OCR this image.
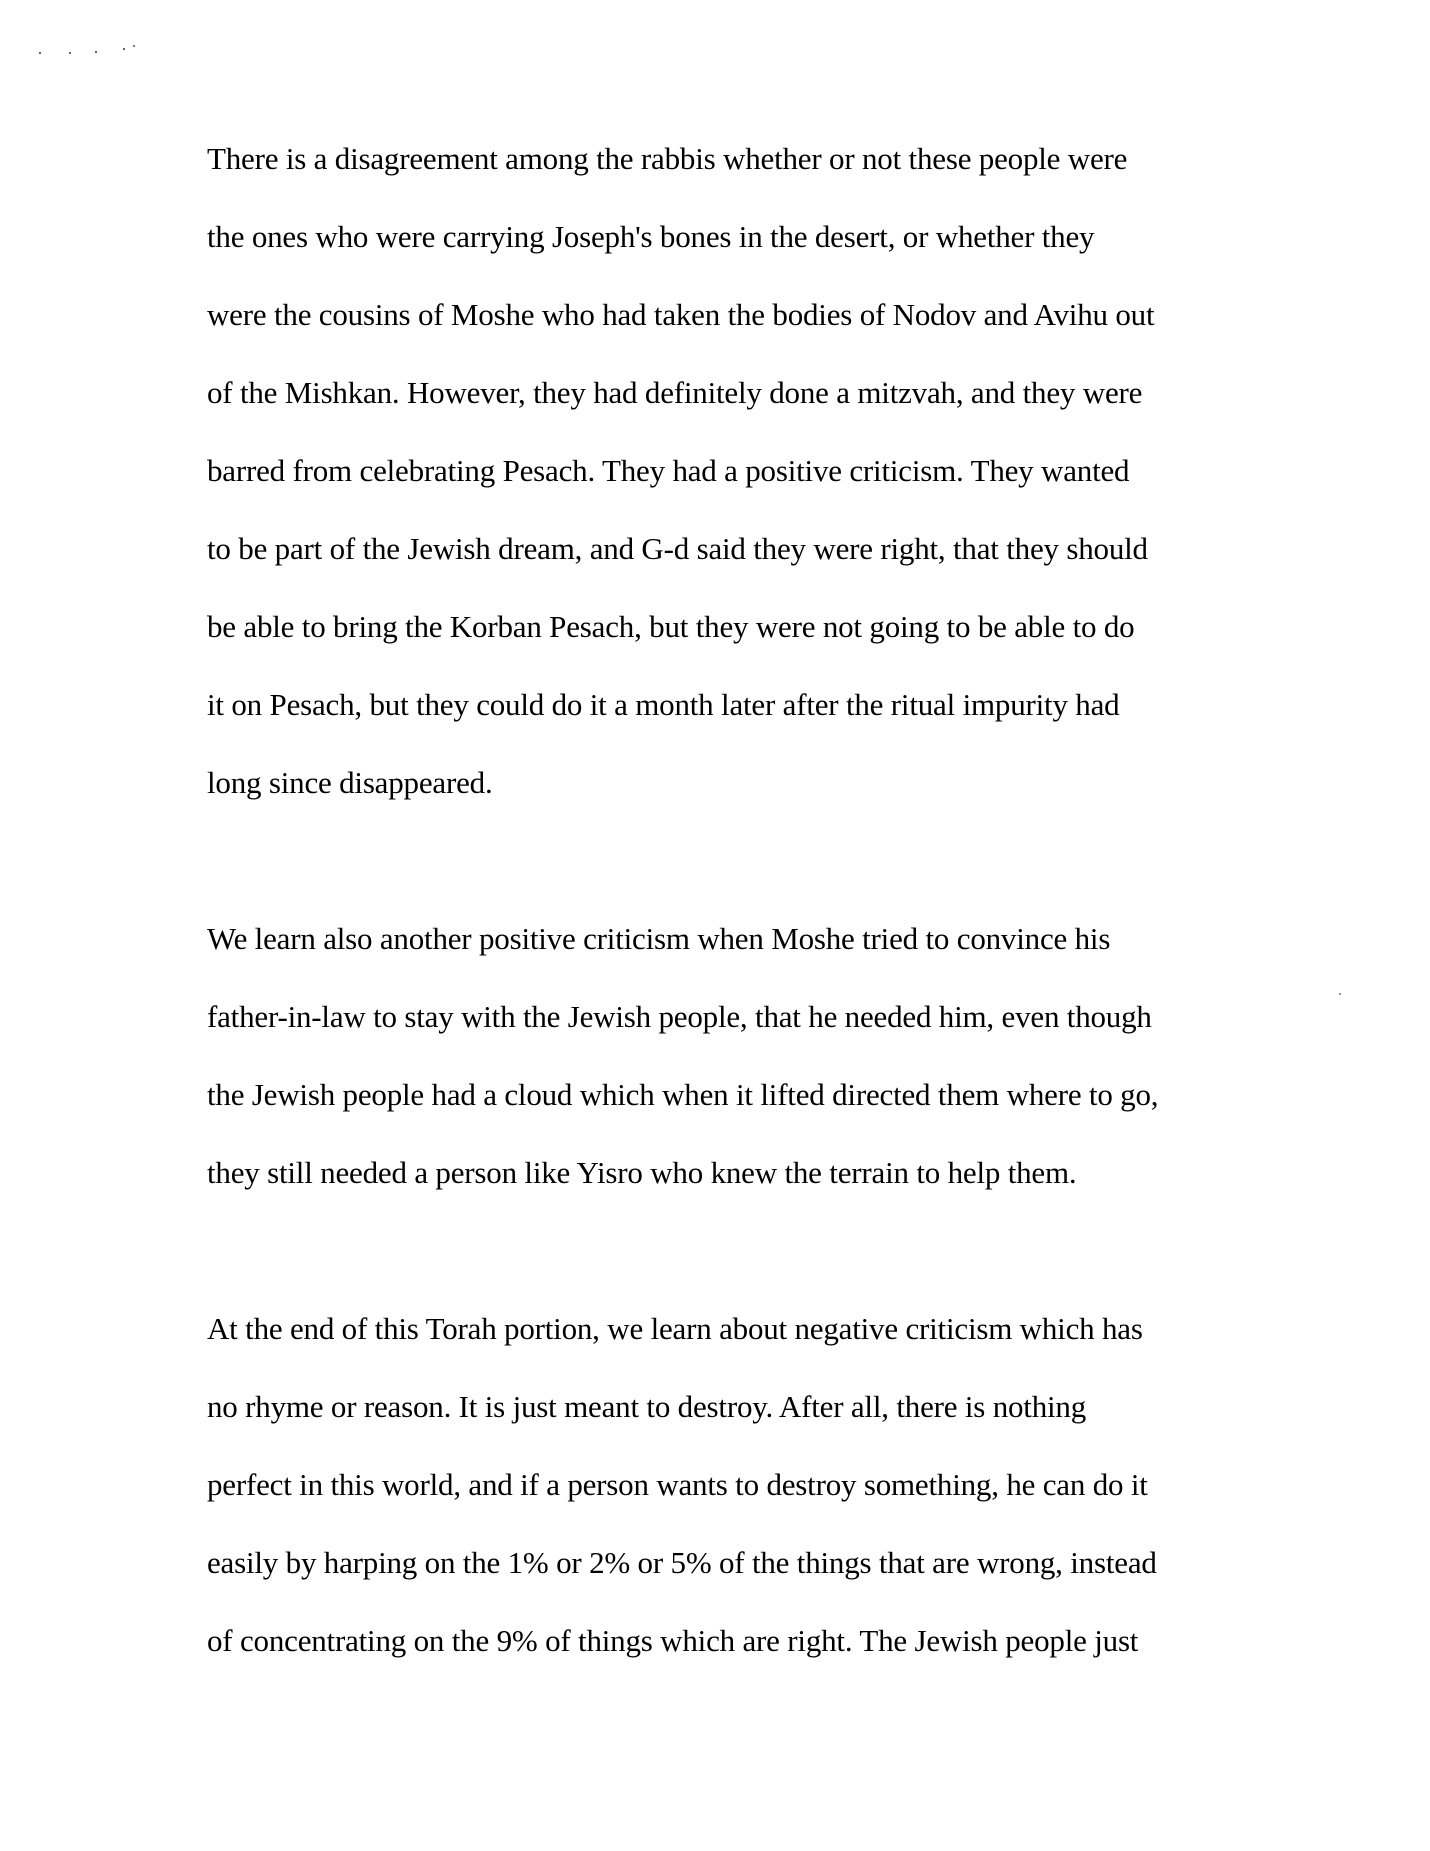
There is a disagreement among the rabbis whether or not these people were
the ones who were carrying Joseph's bones in the desert, or whether they
were the cousins of Moshe who had taken the bodies of Nodov and Avihu out
of the Mishkan. However, they had definitely done a mitzvah, and they were
barred from celebrating Pesach. They had a positive criticism. They wanted
to be part of the Jewish dream, and G-d said they were right, that they should
be able to bring the Korban Pesach, but they were not going to be able to do
it on Pesach, but they could do it a month later after the ritual impurity had
long since disappeared.
We learn also another positive criticism when Moshe tried to convince his
father-in-law to stay with the Jewish people, that he needed him, even though
the Jewish people had a cloud which when it lifted directed them where to go,
they still needed a person like Yisro who knew the terrain to help them.
At the end of this Torah portion, we learn about negative criticism which has
no rhyme or reason. It is just meant to destroy. After all, there is nothing
perfect in this world, and if a person wants to destroy something, he can do it
easily by harping on the 1% or 2% or 5% of the things that are wrong, instead
of concentrating on the 9% of things which are right. The Jewish people just
